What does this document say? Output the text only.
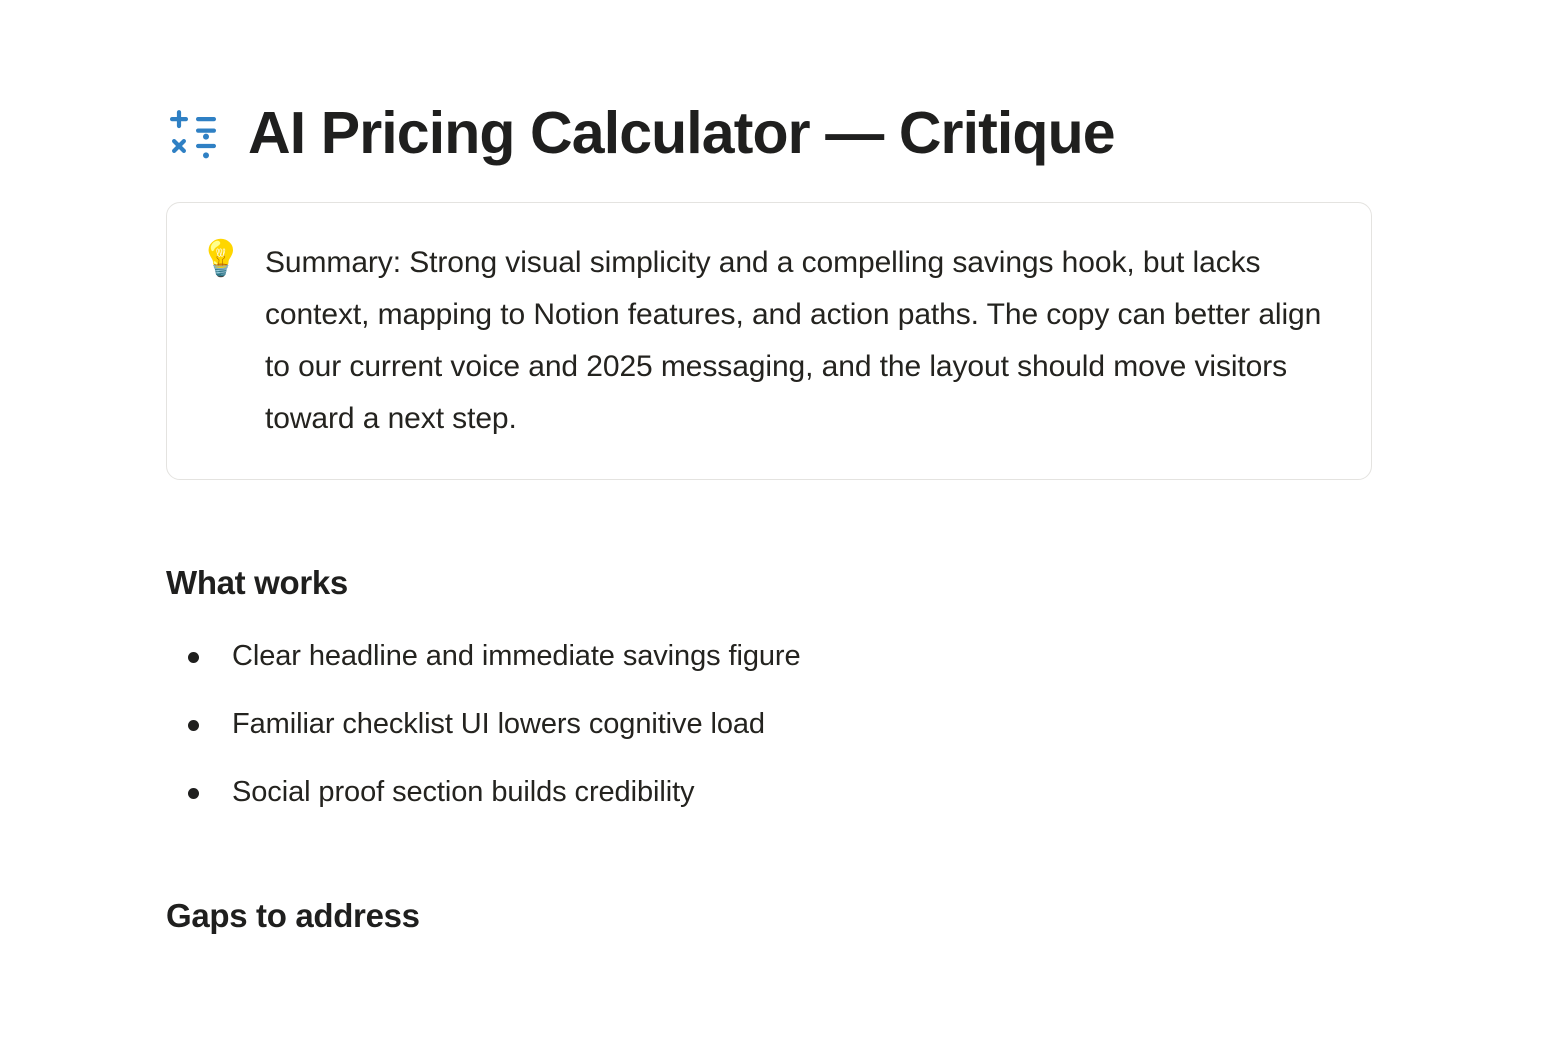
AI Pricing Calculator — Critique
💡 Summary: Strong visual simplicity and a compelling savings hook, but lacks context, mapping to Notion features, and action paths. The copy can better align to our current voice and 2025 messaging, and the layout should move visitors toward a next step.

What works
Clear headline and immediate savings figure
Familiar checklist UI lowers cognitive load
Social proof section builds credibility
Gaps to address
